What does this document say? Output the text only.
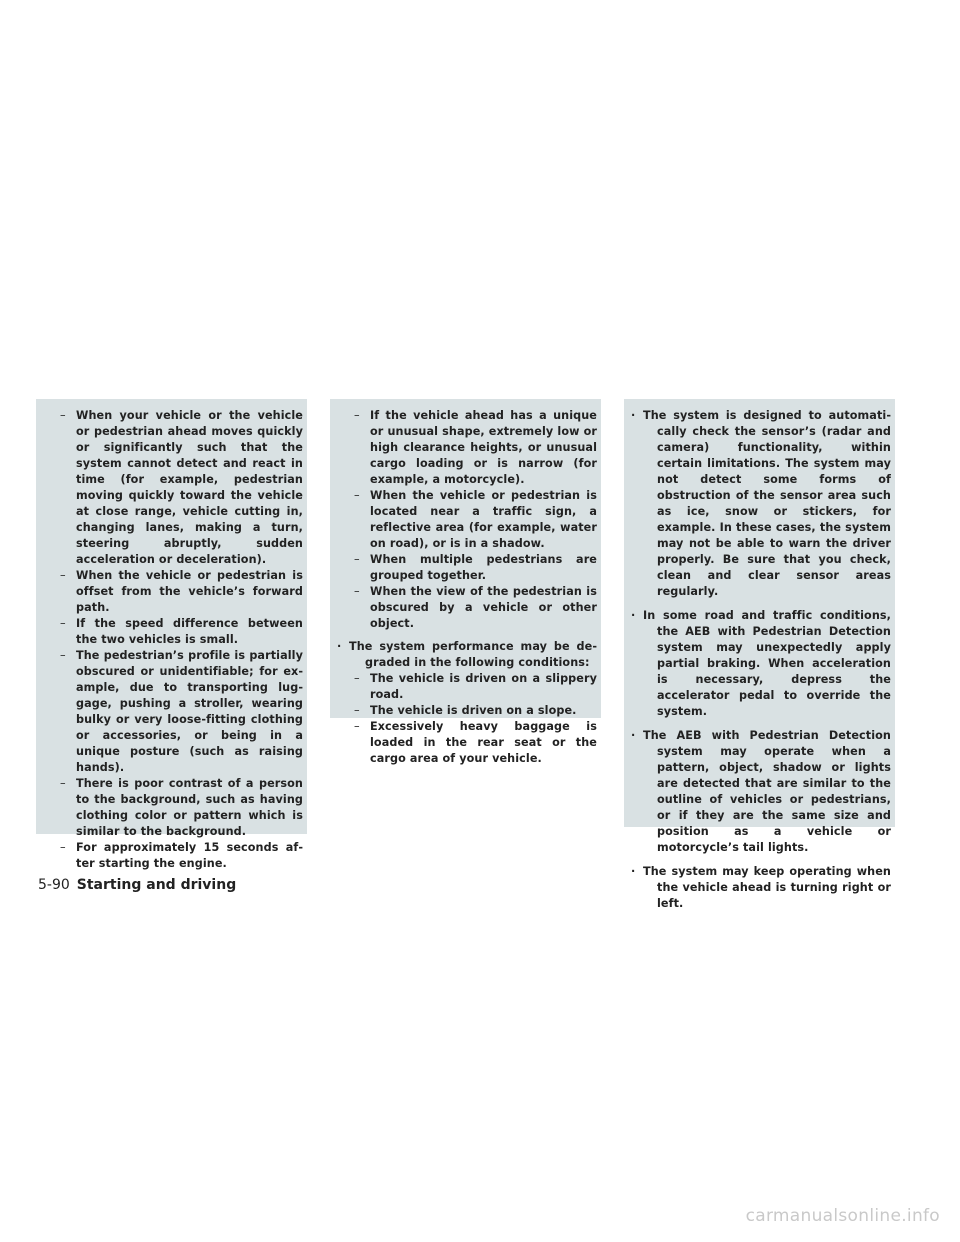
– When your vehicle or the vehicle or pedestrian ahead moves quickly or significantly such that the system cannot detect and react in time (for example, pedestrian moving quickly toward the vehicle at close range, vehicle cutting in, changing lanes, making a turn, steering abruptly, sudden acceleration or deceleration).
– When the vehicle or pedestrian is offset from the vehicle’s forward path.
– If the speed difference between the two vehicles is small.
– The pedestrian’s profile is partially obscured or unidentifiable; for example, due to transporting luggage, pushing a stroller, wearing bulky or very loose-fitting clothing or accessories, or being in a unique posture (such as raising hands).
– There is poor contrast of a person to the background, such as having clothing color or pattern which is similar to the background.
– For approximately 15 seconds after starting the engine.
– If the vehicle ahead has a unique or unusual shape, extremely low or high clearance heights, or unusual cargo loading or is narrow (for example, a motorcycle).
– When the vehicle or pedestrian is located near a traffic sign, a reflective area (for example, water on road), or is in a shadow.
– When multiple pedestrians are grouped together.
– When the view of the pedestrian is obscured by a vehicle or other object.
· The system performance may be degraded in the following conditions:
– The vehicle is driven on a slippery road.
– The vehicle is driven on a slope.
– Excessively heavy baggage is loaded in the rear seat or the cargo area of your vehicle.
· The system is designed to automatically check the sensor’s (radar and camera) functionality, within certain limitations. The system may not detect some forms of obstruction of the sensor area such as ice, snow or stickers, for example. In these cases, the system may not be able to warn the driver properly. Be sure that you check, clean and clear sensor areas regularly.
· In some road and traffic conditions, the AEB with Pedestrian Detection system may unexpectedly apply partial braking. When acceleration is necessary, depress the accelerator pedal to override the system.
· The AEB with Pedestrian Detection system may operate when a pattern, object, shadow or lights are detected that are similar to the outline of vehicles or pedestrians, or if they are the same size and position as a vehicle or motorcycle’s tail lights.
· The system may keep operating when the vehicle ahead is turning right or left.
5-90 Starting and driving
carmanualsonline.info
